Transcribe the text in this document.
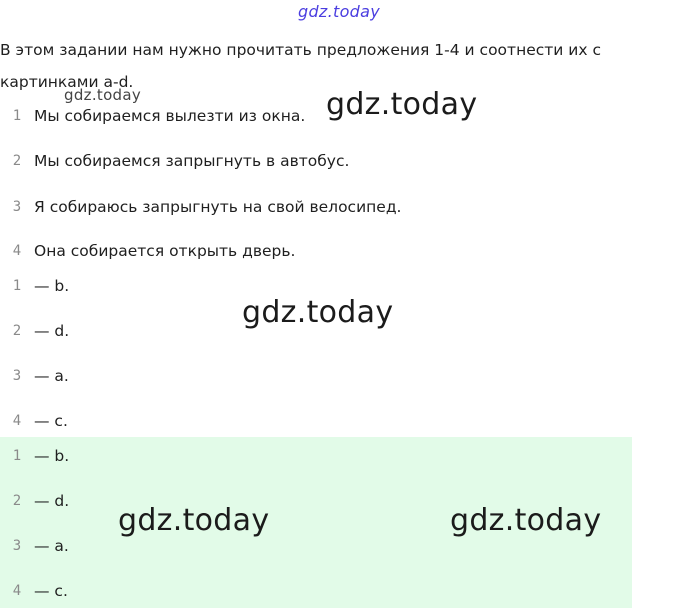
gdz.today
В этом задании нам нужно прочитать предложения 1-4 и соотнести их с картинками a-d.
gdz.today
1 Мы собираемся вылезти из окна.
2 Мы собираемся запрыгнуть в автобус.
3 Я собираюсь запрыгнуть на свой велосипед.
4 Она собирается открыть дверь.
1 — b.
2 — d.
3 — a.
4 — c.
1 — b.
2 — d.
3 — a.
4 — c.
gdz.today
gdz.today
gdz.today	gdz.today
